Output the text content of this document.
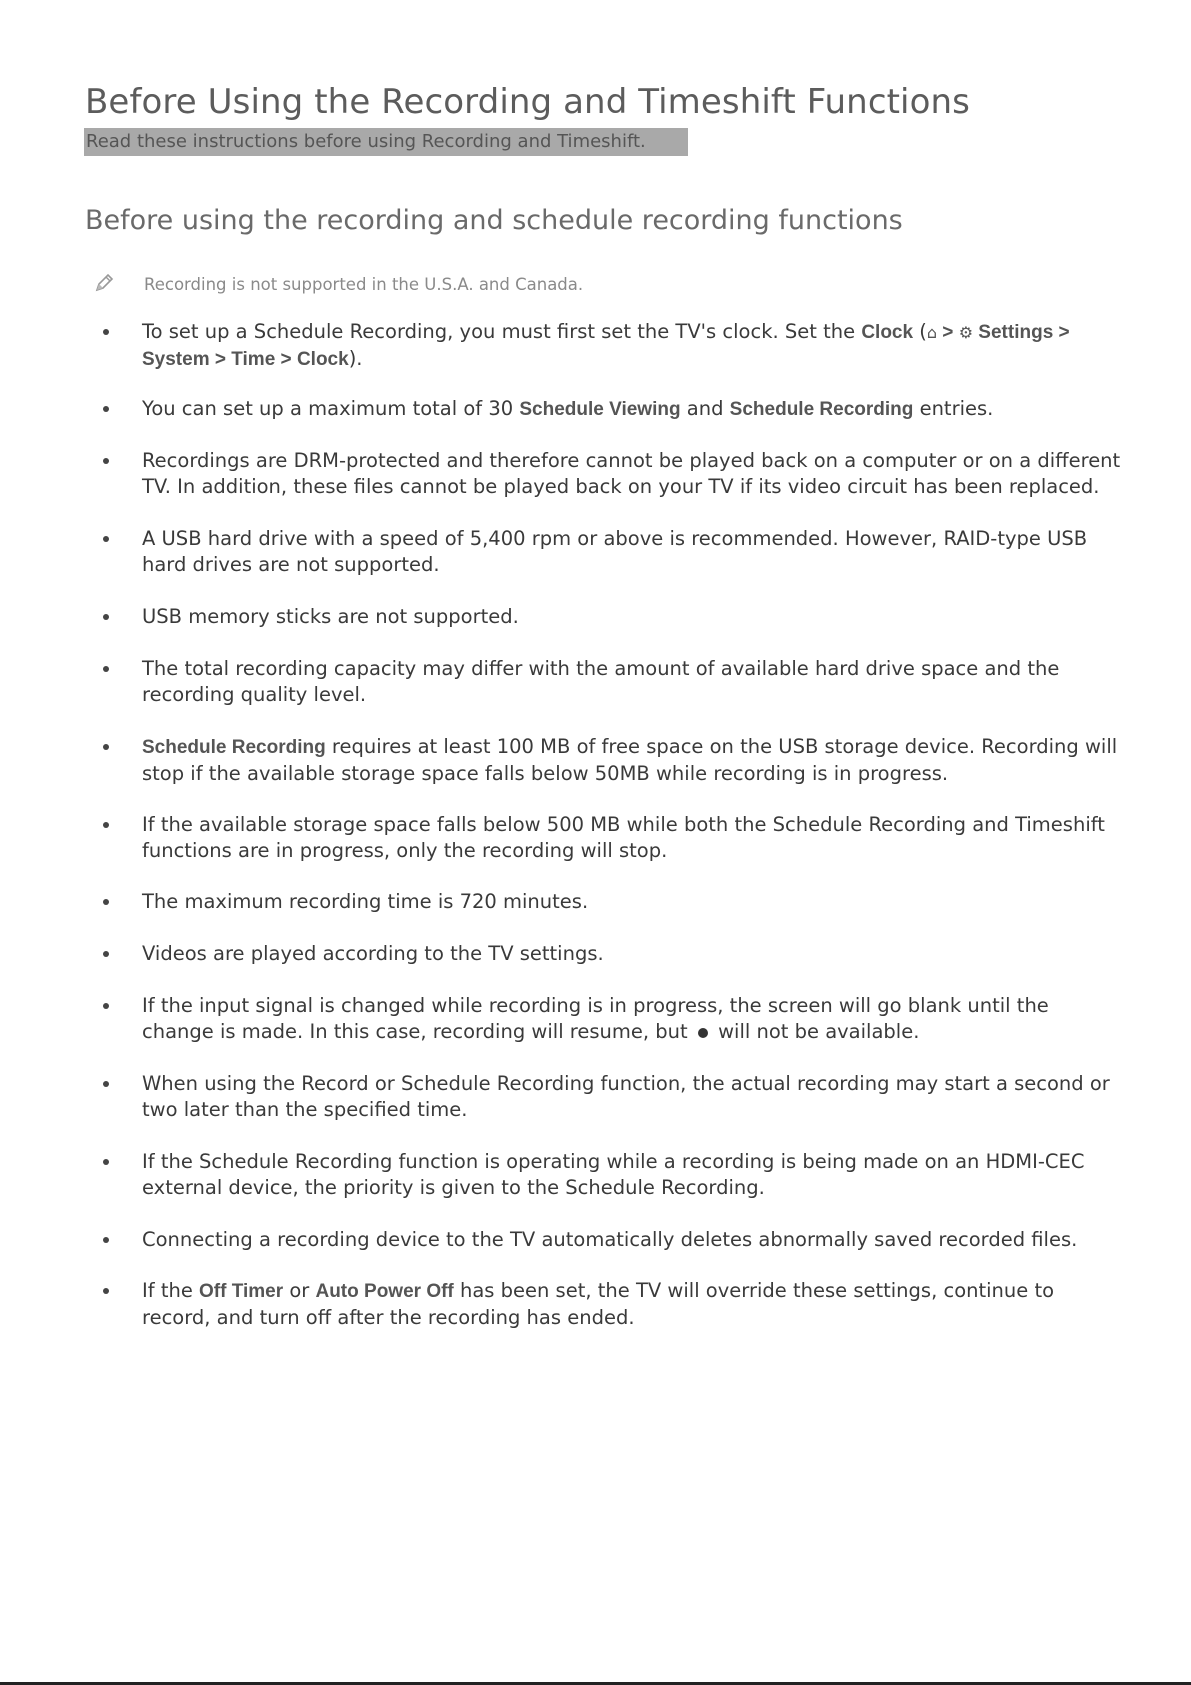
Before Using the Recording and Timeshift Functions
Read these instructions before using Recording and Timeshift.
Before using the recording and schedule recording functions
Recording is not supported in the U.S.A. and Canada.
To set up a Schedule Recording, you must first set the TV's clock. Set the Clock (⌂ > ⚙ Settings >
System > Time > Clock).
You can set up a maximum total of 30 Schedule Viewing and Schedule Recording entries.
Recordings are DRM-protected and therefore cannot be played back on a computer or on a different TV. In addition, these files cannot be played back on your TV if its video circuit has been replaced.
A USB hard drive with a speed of 5,400 rpm or above is recommended. However, RAID-type USB hard drives are not supported.
USB memory sticks are not supported.
The total recording capacity may differ with the amount of available hard drive space and the recording quality level.
Schedule Recording requires at least 100 MB of free space on the USB storage device. Recording will stop if the available storage space falls below 50MB while recording is in progress.
If the available storage space falls below 500 MB while both the Schedule Recording and Timeshift functions are in progress, only the recording will stop.
The maximum recording time is 720 minutes.
Videos are played according to the TV settings.
If the input signal is changed while recording is in progress, the screen will go blank until the change is made. In this case, recording will resume, but  will not be available.
When using the Record or Schedule Recording function, the actual recording may start a second or two later than the specified time.
If the Schedule Recording function is operating while a recording is being made on an HDMI-CEC external device, the priority is given to the Schedule Recording.
Connecting a recording device to the TV automatically deletes abnormally saved recorded files.
If the Off Timer or Auto Power Off has been set, the TV will override these settings, continue to record, and turn off after the recording has ended.
